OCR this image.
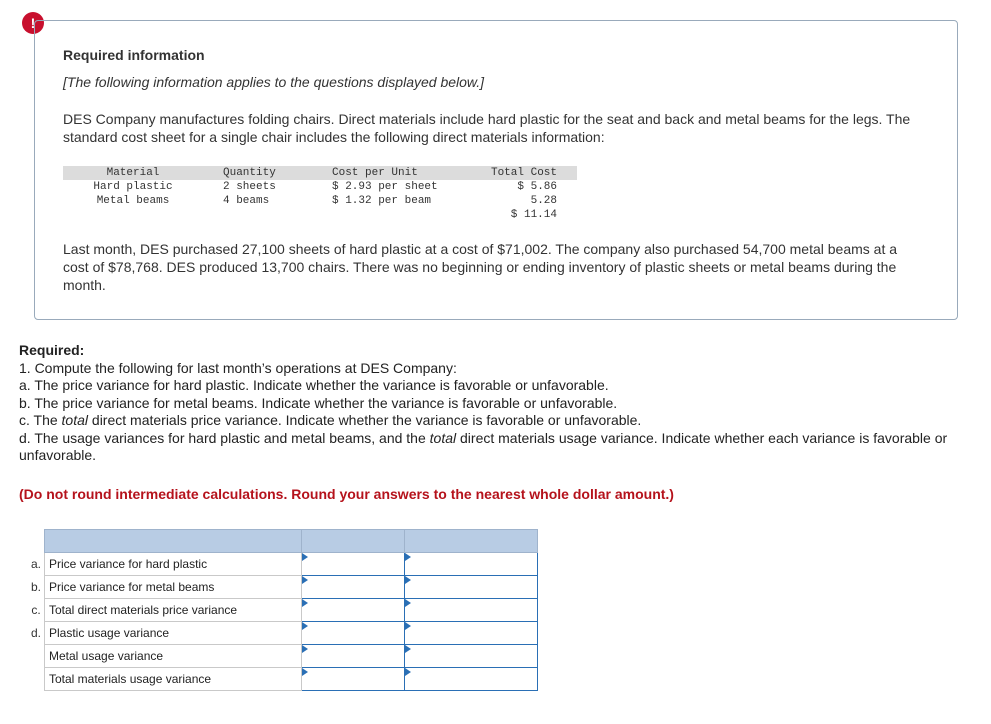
!
Required information
[The following information applies to the questions displayed below.]
DES Company manufactures folding chairs. Direct materials include hard plastic for the seat and back and metal beams for the legs. The standard cost sheet for a single chair includes the following direct materials information:
Material	Quantity	Cost per Unit	Total Cost
Hard plastic	2 sheets	$ 2.93 per sheet	$ 5.86
Metal beams	4 beams	$ 1.32 per beam	5.28
			$ 11.14
Last month, DES purchased 27,100 sheets of hard plastic at a cost of $71,002. The company also purchased 54,700 metal beams at a cost of $78,768. DES produced 13,700 chairs. There was no beginning or ending inventory of plastic sheets or metal beams during the month.
Required:
1. Compute the following for last month’s operations at DES Company:
a. The price variance for hard plastic. Indicate whether the variance is favorable or unfavorable.
b. The price variance for metal beams. Indicate whether the variance is favorable or unfavorable.
c. The total direct materials price variance. Indicate whether the variance is favorable or unfavorable.
d. The usage variances for hard plastic and metal beams, and the total direct materials usage variance. Indicate whether each variance is favorable or unfavorable.
(Do not round intermediate calculations. Round your answers to the nearest whole dollar amount.)

a.	Price variance for hard plastic	

b.	Price variance for metal beams	

c.	Total direct materials price variance	

d.	Plastic usage variance	

	Metal usage variance	

	Total materials usage variance	
